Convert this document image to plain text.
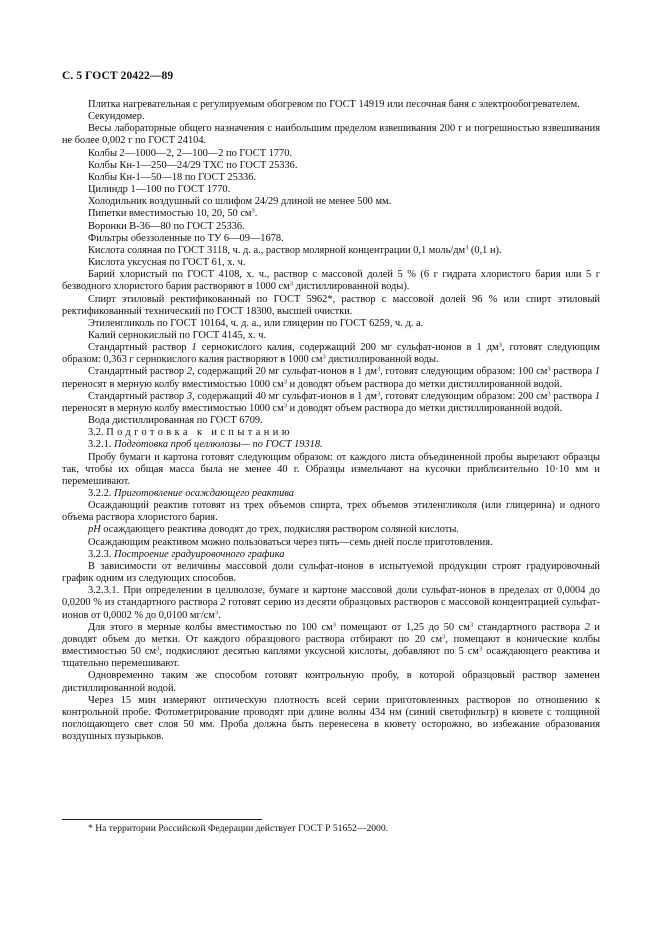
С. 5 ГОСТ 20422—89

Плитка нагревательная с регулируемым обогревом по ГОСТ 14919 или песочная баня с электрообогревателем.

Секундомер.

Весы лабораторные общего назначения с наибольшим пределом взвешивания 200 г и погрешностью взвешивания не более 0,002 г по ГОСТ 24104.

Колбы 2—1000—2, 2—100—2 по ГОСТ 1770.

Колбы Кн-1—250—24/29 ТХС по ГОСТ 25336.

Колбы Кн-1—50—18 по ГОСТ 25336.

Цилиндр 1—100 по ГОСТ 1770.

Холодильник воздушный со шлифом 24/29 длиной не менее 500 мм.

Пипетки вместимостью 10, 20, 50 $см^3$.

Воронки В-36—80 по ГОСТ 25336.

Фильтры обеззоленные по ТУ 6—09—1678.

Кислота соляная по ГОСТ 3118, ч. д. а., раствор молярной концентрации 0,1 моль/$дм^3$ (0,1 н).

Кислота уксусная по ГОСТ 61, х. ч.

Барий хлористый по ГОСТ 4108, х. ч., раствор с массовой долей 5 % (6 г гидрата хлористого бария или 5 г безводного хлористого бария растворяют в 1000 $см^3$ дистиллированной воды).

Спирт этиловый ректификованный по ГОСТ 5962*, раствор с массовой долей 96 % или спирт этиловый ректификованный технический по ГОСТ 18300, высшей очистки.

Этиленгликоль по ГОСТ 10164, ч. д. а., или глицерин по ГОСТ 6259, ч. д. а.

Калий сернокислый по ГОСТ 4145, х. ч.

Стандартный раствор 1 сернокислого калия, содержащий 200 мг сульфат-ионов в 1 $дм^3$, готовят следующим образом: 0,363 г сернокислого калия растворяют в 1000 $см^3$ дистиллированной воды.

Стандартный раствор 2, содержащий 20 мг сульфат-ионов в 1 $дм^3$, готовят следующим образом: 100 $см^3$ раствора 1 переносят в мерную колбу вместимостью 1000 $см^3$ и доводят объем раствора до метки дистиллированной водой.

Стандартный раствор 3, содержащий 40 мг сульфат-ионов в 1 $дм^3$, готовят следующим образом: 200 $см^3$ раствора 1 переносят в мерную колбу вместимостью 1000 $см^3$ и доводят объем раствора до метки дистиллированной водой.

Вода дистиллированная по ГОСТ 6709.

3.2. Подготовка к испытанию

3.2.1. Подготовка проб целлюлозы— по ГОСТ 19318.

Пробу бумаги и картона готовят следующим образом: от каждого листа объединенной пробы вырезают образцы так, чтобы их общая масса была не менее 40 г. Образцы измельчают на кусочки приблизительно 10·10 мм и перемешивают.

3.2.2. Приготовление осаждающего реактива

Осаждающий реактив готовят из трех объемов спирта, трех объемов этиленгликоля (или глицерина) и одного объема раствора хлористого бария.

pH осаждающего реактива доводят до трех, подкисляя раствором соляной кислоты.

Осаждающим реактивом можно пользоваться через пять—семь дней после приготовления.

3.2.3. Построение градуировочного графика

В зависимости от величины массовой доли сульфат-ионов в испытуемой продукции строят градуировочный график одним из следующих способов.

3.2.3.1. При определении в целлюлозе, бумаге и картоне массовой доли сульфат-ионов в пределах от 0,0004 до 0,0200 % из стандартного раствора 2 готовят серию из десяти образцовых растворов с массовой концентрацией сульфат-ионов от 0,0002 % до 0,0100 $мг/см^3$.

Для этого в мерные колбы вместимостью по 100 $см^3$ помещают от 1,25 до 50 $см^3$ стандартного раствора 2 и доводят объем до метки. От каждого образцового раствора отбирают по 20 $см^3$, помещают в конические колбы вместимостью 50 $см^3$, подкисляют десятью каплями уксусной кислоты, добавляют по 5 $см^3$ осаждающего реактива и тщательно перемешивают.

Одновременно таким же способом готовят контрольную пробу, в которой образцовый раствор заменен дистиллированной водой.

Через 15 мин измеряют оптическую плотность всей серии приготовленных растворов по отношению к контрольной пробе. Фотометрирование проводят при длине волны 434 нм (синий светофильтр) в кювете с толщиной поглощающего свет слоя 50 мм. Проба должна быть перенесена в кювету осторожно, во избежание образования воздушных пузырьков.

* На территории Российской Федерации действует ГОСТ Р 51652—2000.
